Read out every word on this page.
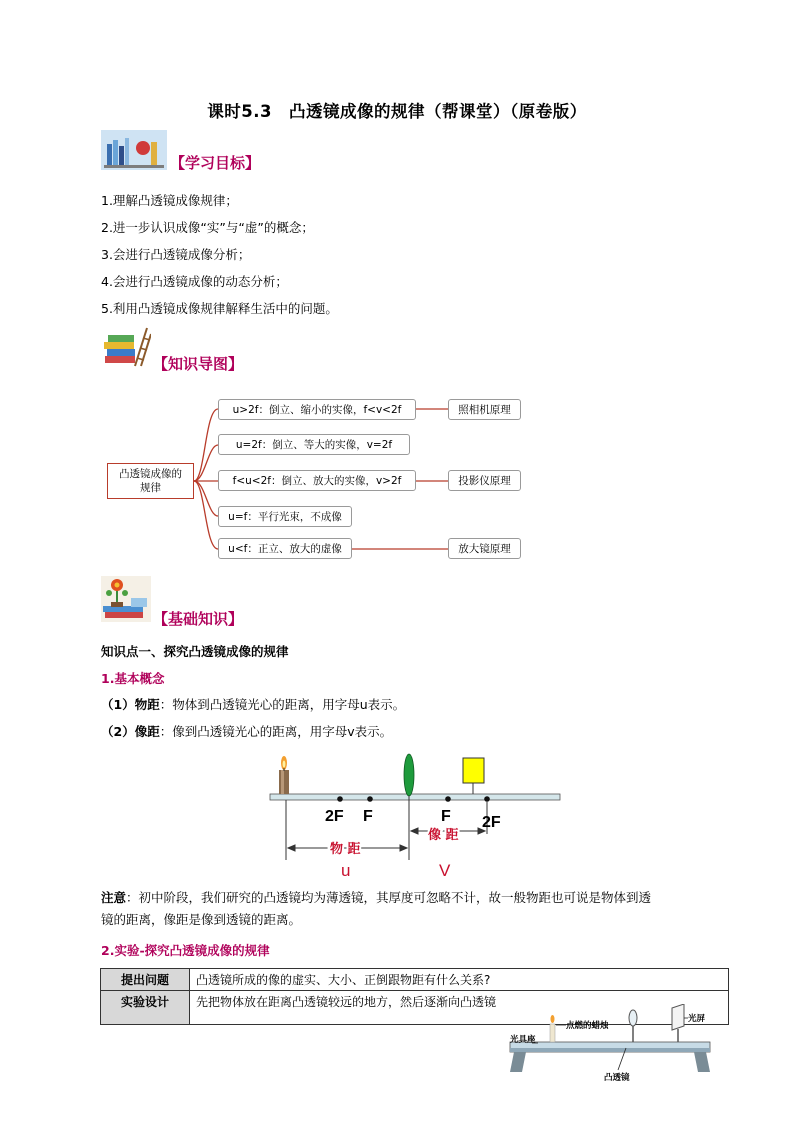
课时5.3　凸透镜成像的规律（帮课堂）（原卷版）
【学习目标】
1.理解凸透镜成像规律；
2.进一步认识成像“实”与“虚”的概念；
3.会进行凸透镜成像分析；
4.会进行凸透镜成像的动态分析；
5.利用凸透镜成像规律解释生活中的问题。
【知识导图】
凸透镜成像的规律
u>2f：倒立、缩小的实像，f<v<2f
u=2f：倒立、等大的实像，v=2f
f<u<2f：倒立、放大的实像，v>2f
u=f：平行光束，不成像
u<f：正立、放大的虚像
照相机原理
投影仪原理
放大镜原理
【基础知识】
知识点一、探究凸透镜成像的规律
1.基本概念
（1）物距：物体到凸透镜光心的距离，用字母u表示。
（2）像距：像到凸透镜光心的距离，用字母v表示。
2F F	F 2F
物 距
像 距
u	V
注意：初中阶段，我们研究的凸透镜均为薄透镜，其厚度可忽略不计，故一般物距也可说是物体到透
镜的距离，像距是像到透镜的距离。
2.实验-探究凸透镜成像的规律
提出问题	凸透镜所成的像的虚实、大小、正倒跟物距有什么关系?
实验设计	先把物体放在距离凸透镜较远的地方，然后逐渐向凸透镜
点燃的蜡烛
光屏
光具座
凸透镜
